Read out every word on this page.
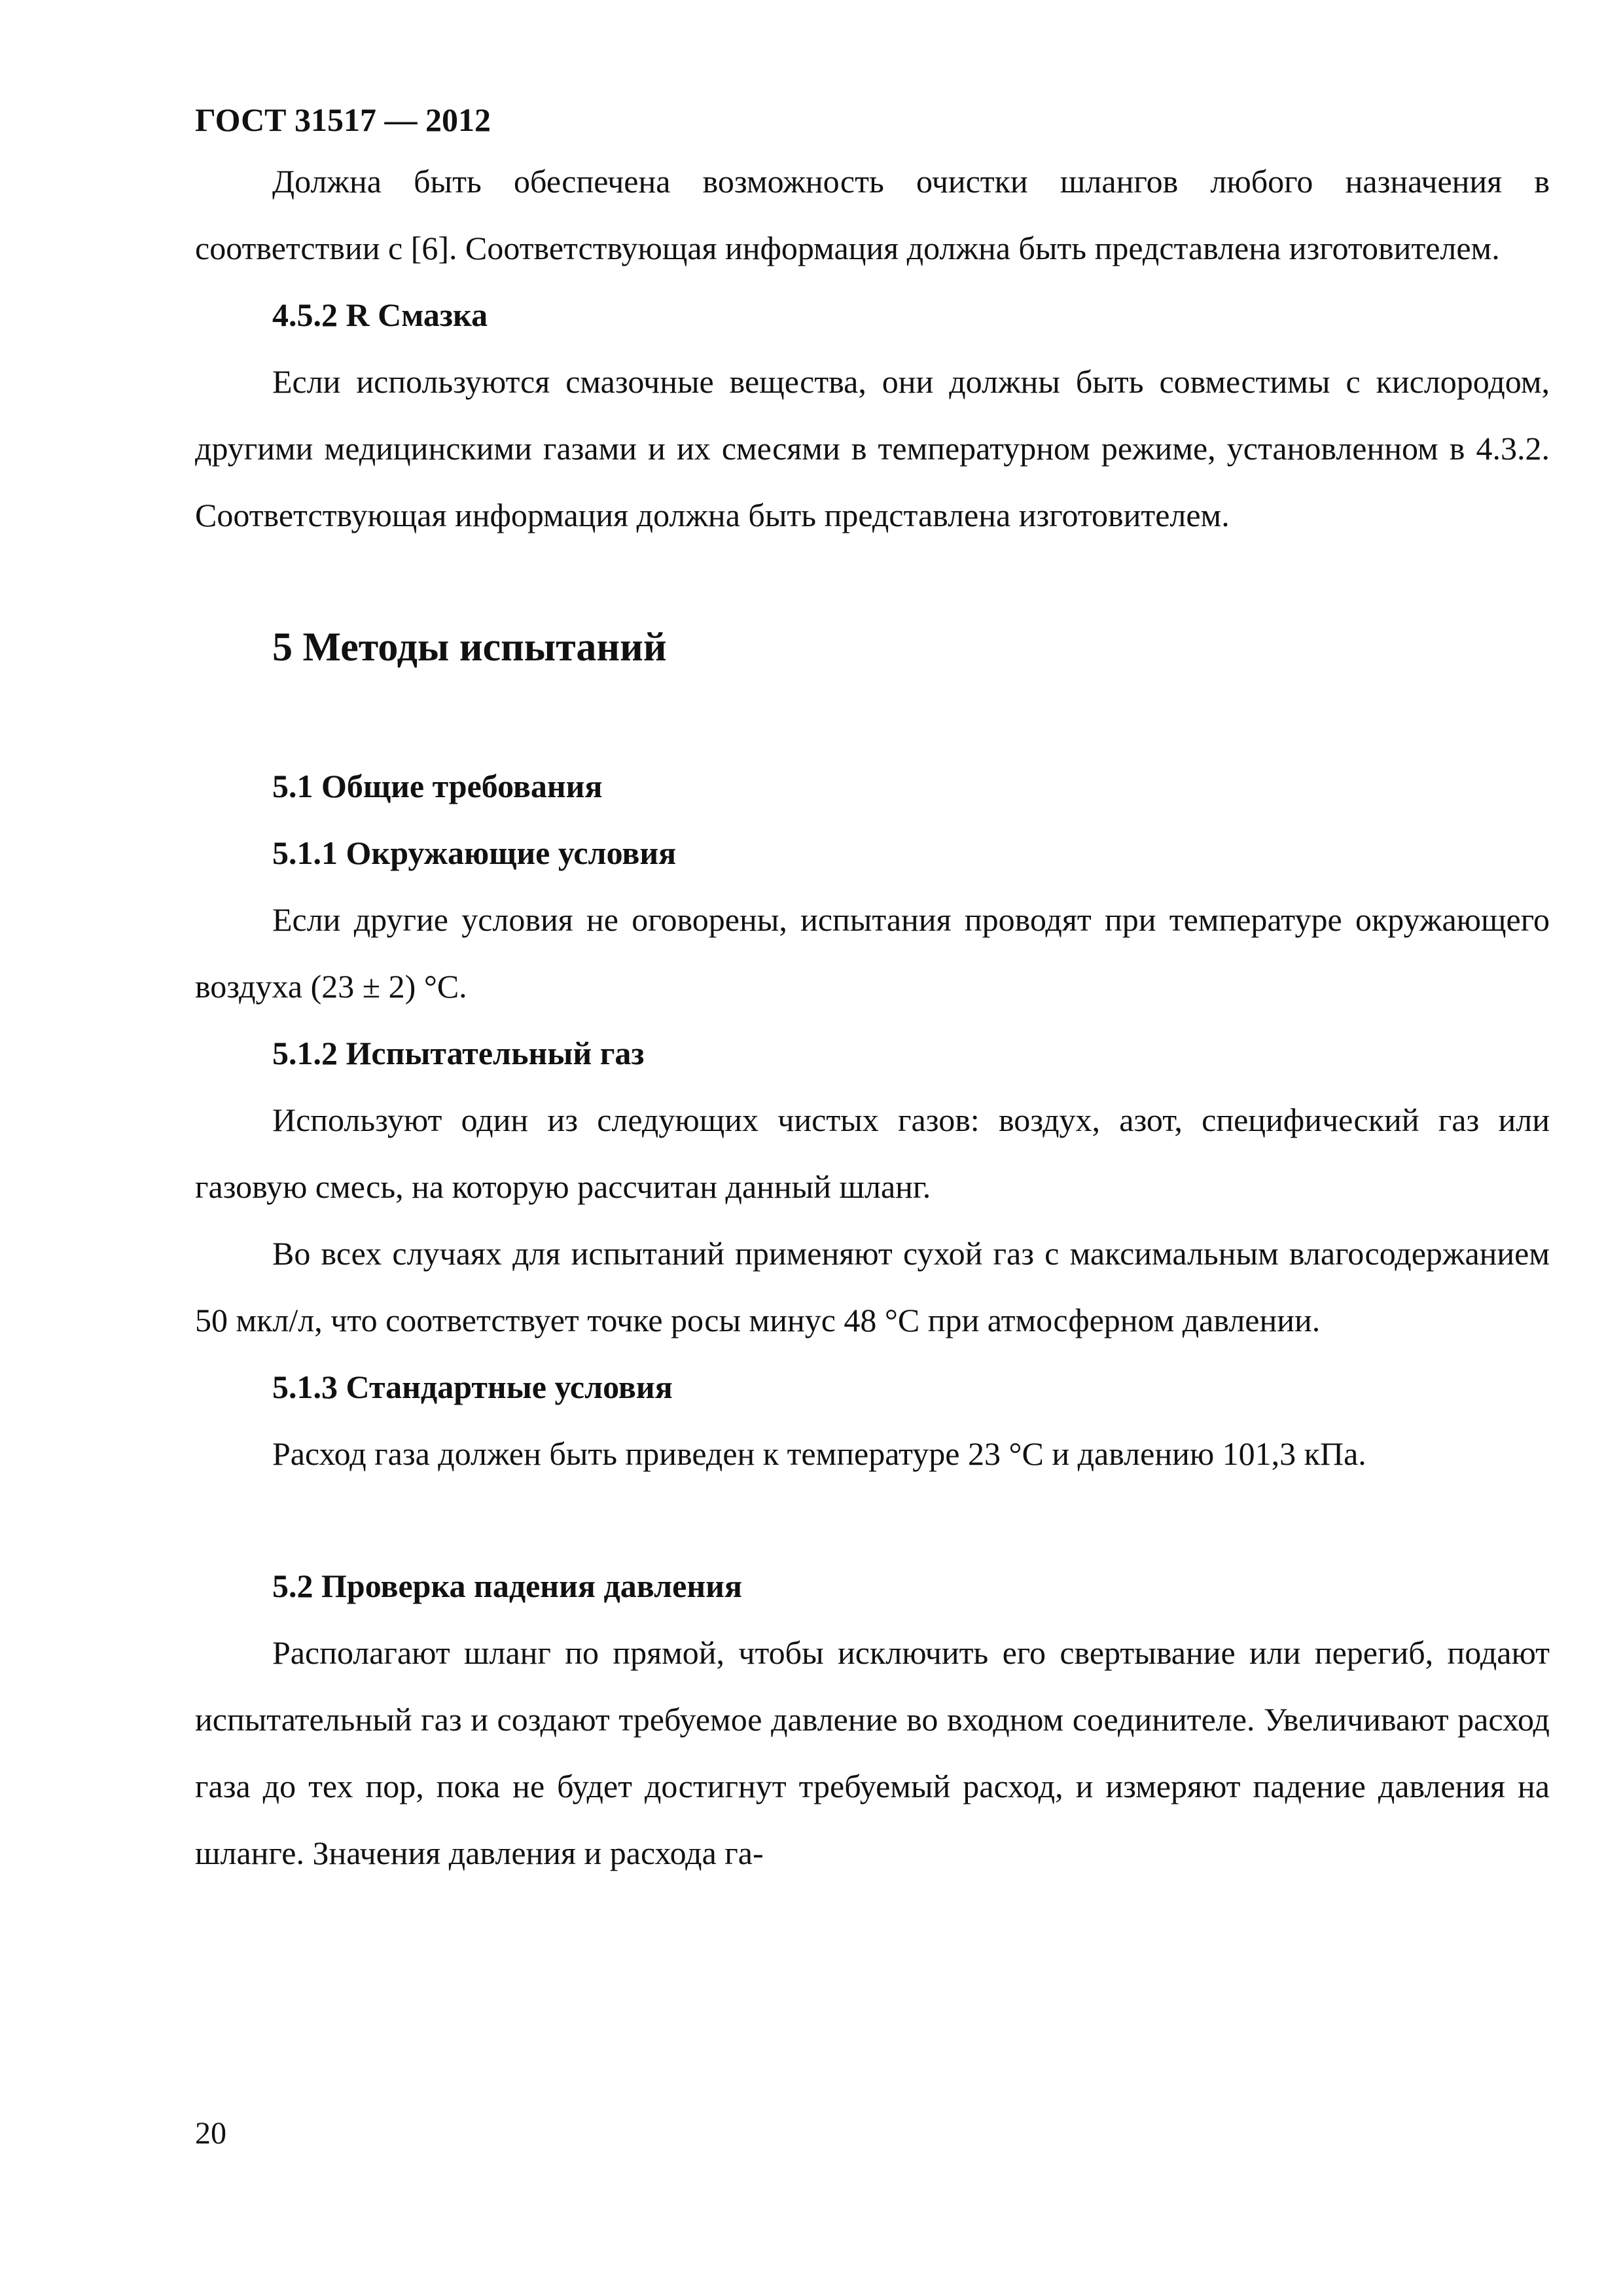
ГОСТ 31517 — 2012

Должна быть обеспечена возможность очистки шлангов любого назначения в соответствии с [6]. Соответствующая информация должна быть представлена изготовителем.

4.5.2 R Смазка

Если используются смазочные вещества, они должны быть совместимы с кислородом, другими медицинскими газами и их смесями в температурном режиме, установленном в 4.3.2. Соответствующая информация должна быть представлена изготовителем.

5 Методы испытаний

5.1 Общие требования

5.1.1 Окружающие условия

Если другие условия не оговорены, испытания проводят при температуре окружающего воздуха (23 ± 2) °С.

5.1.2 Испытательный газ

Используют один из следующих чистых газов: воздух, азот, специфический газ или газовую смесь, на которую рассчитан данный шланг.

Во всех случаях для испытаний применяют сухой газ с максимальным влагосодержанием 50 мкл/л, что соответствует точке росы минус 48 °С при атмосферном давлении.

5.1.3 Стандартные условия

Расход газа должен быть приведен к температуре 23 °С и давлению 101,3 кПа.

5.2 Проверка падения давления

Располагают шланг по прямой, чтобы исключить его свертывание или перегиб, подают испытательный газ и создают требуемое давление во входном соединителе. Увеличивают расход газа до тех пор, пока не будет достигнут требуемый расход, и измеряют падение давления на шланге. Значения давления и расхода га-

20
